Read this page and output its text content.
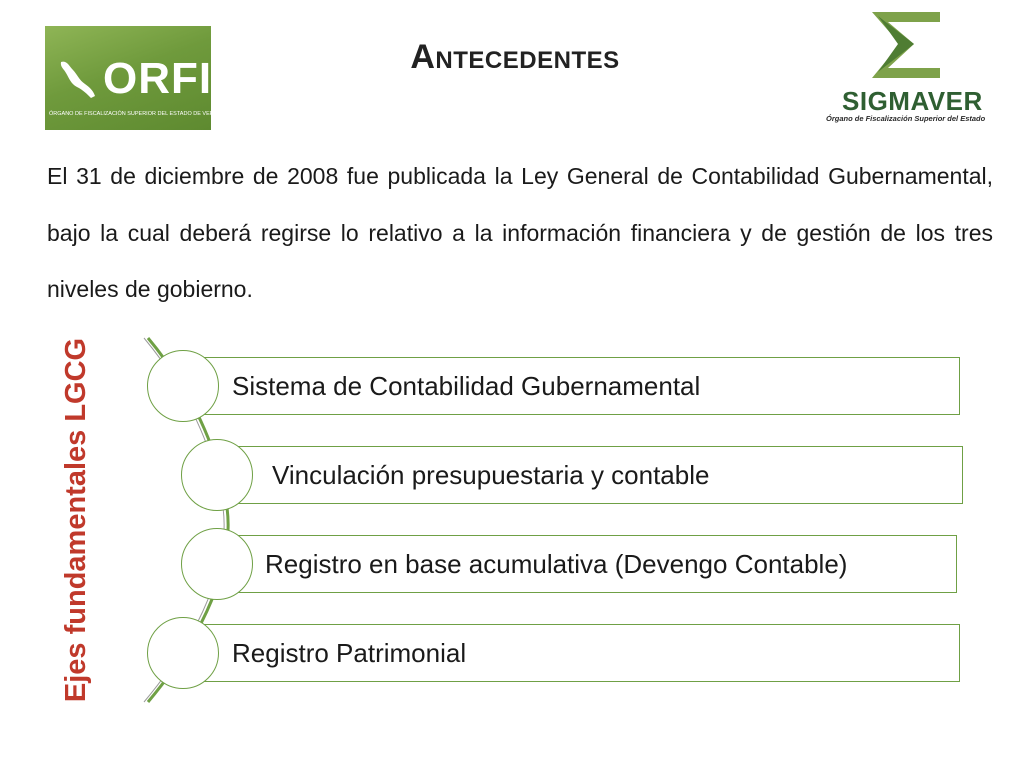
ORFIS
ÓRGANO DE FISCALIZACIÓN SUPERIOR DEL ESTADO DE VERACRUZ
Antecedentes
SIGMAVER
Órgano de Fiscalización Superior del Estado
El 31 de diciembre de 2008 fue publicada la Ley General de Contabilidad Gubernamental, bajo la cual deberá regirse lo relativo a la información financiera y de gestión de los tres niveles de gobierno.
Ejes fundamentales LGCG	Sistema de Contabilidad Gubernamental
Vinculación presupuestaria y contable
Registro en base acumulativa (Devengo Contable)
Registro Patrimonial
